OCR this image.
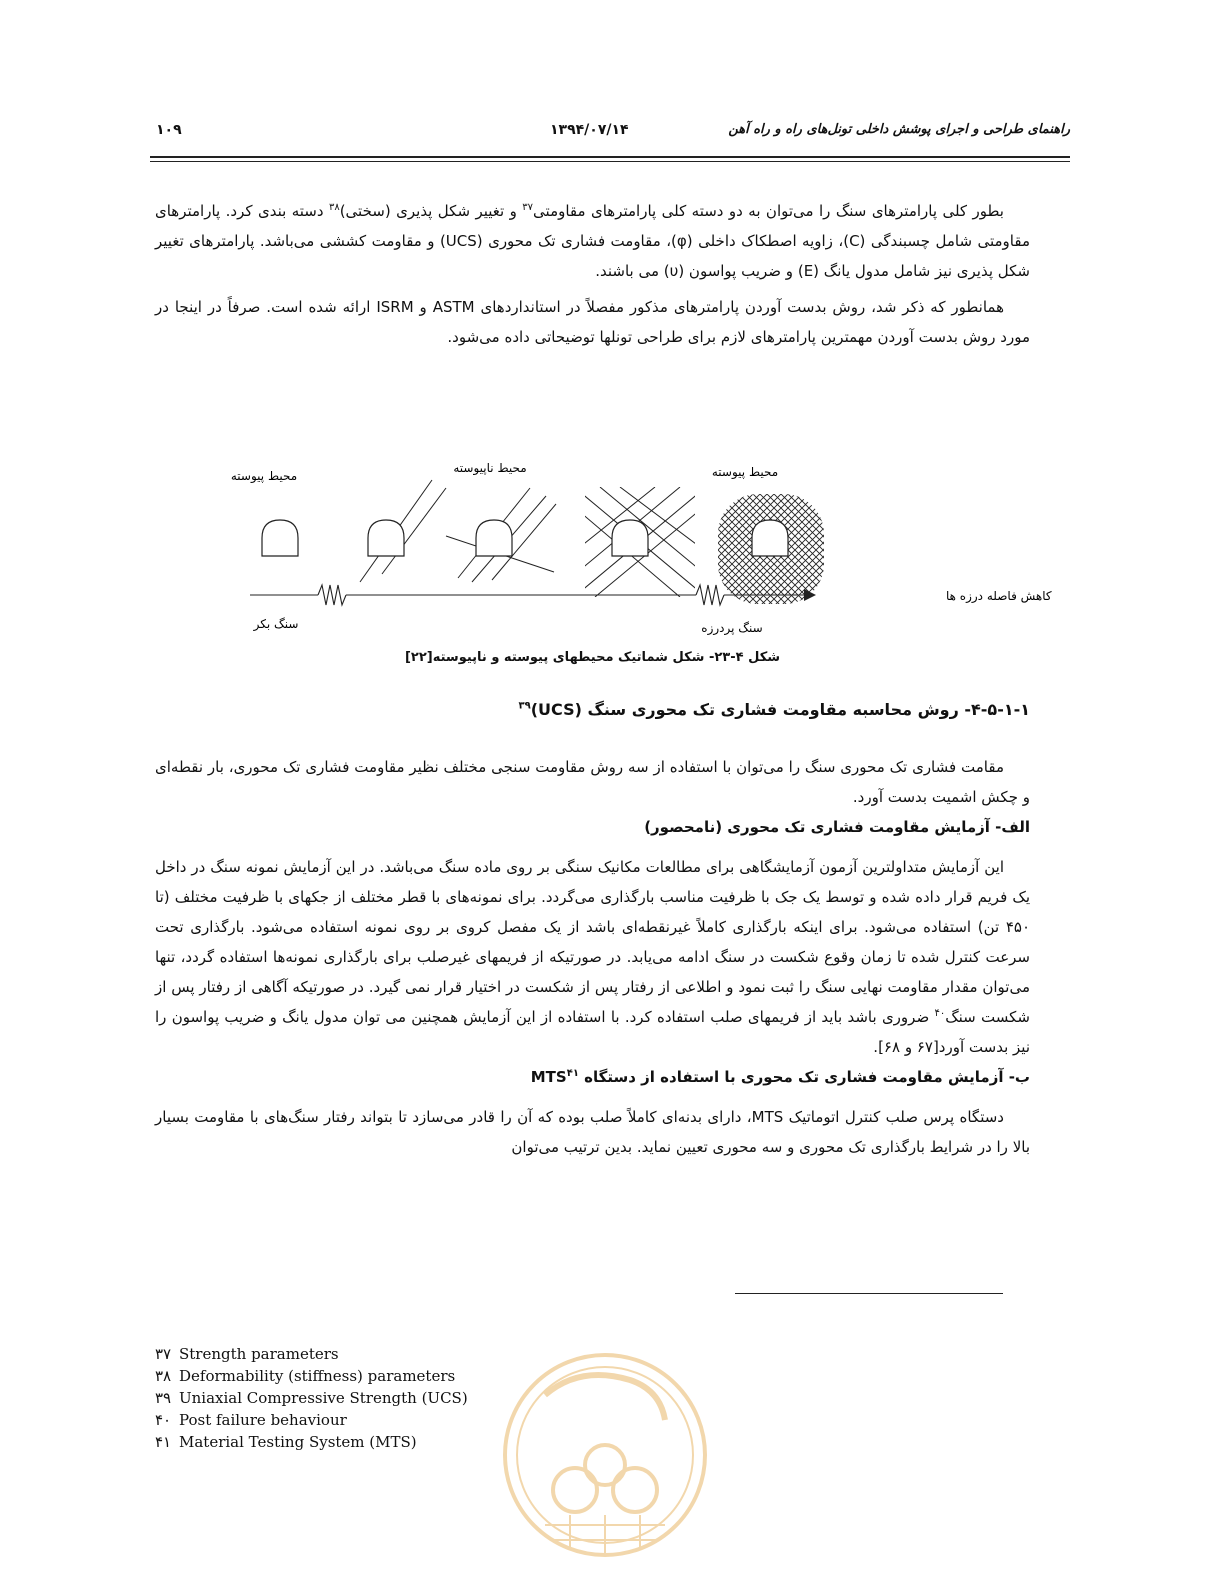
راهنمای طراحی و اجرای پوشش داخلی تونل‌های راه و راه آهن
۱۳۹۴/۰۷/۱۴
۱۰۹

بطور کلی پارامترهای سنگ را می‌توان به دو دسته کلی پارامترهای مقاومتی$^{۳۷}$ و تغییر شکل پذیری (سختی)$^{۳۸}$ دسته بندی کرد. پارامترهای مقاومتی شامل چسبندگی (C)، زاویه اصطکاک داخلی (φ)، مقاومت فشاری تک محوری (UCS) و مقاومت کششی می‌باشد. پارامترهای تغییر شکل پذیری نیز شامل مدول یانگ (E) و ضریب پواسون (υ) می باشند.

همانطور که ذکر شد، روش بدست آوردن پارامترهای مذکور مفصلاً در استانداردهای ASTM و ISRM ارائه شده است. صرفاً در اینجا در مورد روش بدست آوردن مهمترین پارامترهای لازم برای طراحی تونلها توضیحاتی داده می‌شود.

محیط پیوسته
محیط ناپیوسته	محیط پیوسته
کاهش فاصله درزه ها
سنگ بکر	سنگ پردرزه
شکل ۴-۲۳- شکل شماتیک محیطهای پیوسته و ناپیوسته[۲۲]
۴-۵-۱-۱- روش محاسبه مقاومت فشاری تک محوری سنگ (UCS)$^{۳۹}$

مقامت فشاری تک محوری سنگ را می‌توان با استفاده از سه روش مقاومت سنجی مختلف نظیر مقاومت فشاری تک محوری، بار نقطه‌ای و چکش اشمیت بدست آورد.

الف- آزمایش مقاومت فشاری تک محوری (نامحصور)

این آزمایش متداولترین آزمون آزمایشگاهی برای مطالعات مکانیک سنگی بر روی ماده سنگ می‌باشد. در این آزمایش نمونه سنگ در داخل یک فریم قرار داده شده و توسط یک جک با ظرفیت مناسب بارگذاری می‌گردد. برای نمونه‌های با قطر مختلف از جکهای با ظرفیت مختلف (تا ۴۵۰ تن) استفاده می‌شود. برای اینکه بارگذاری کاملاً غیرنقطه‌ای باشد از یک مفصل کروی بر روی نمونه استفاده می‌شود. بارگذاری تحت سرعت کنترل شده تا زمان وقوع شکست در سنگ ادامه می‌یابد. در صورتیکه از فریمهای غیرصلب برای بارگذاری نمونه‌ها استفاده گردد، تنها می‌توان مقدار مقاومت نهایی سنگ را ثبت نمود و اطلاعی از رفتار پس از شکست در اختیار قرار نمی گیرد. در صورتیکه آگاهی از رفتار پس از شکست سنگ$^{۴۰}$ ضروری باشد باید از فریمهای صلب استفاده کرد. با استفاده از این آزمایش همچنین می توان مدول یانگ و ضریب پواسون را نیز بدست آورد[۶۷ و ۶۸].

ب- آزمایش مقاومت فشاری تک محوری با استفاده از دستگاه MTS$^{۴۱}$

دستگاه پرس صلب کنترل اتوماتیک MTS، دارای بدنه‌ای کاملاً صلب بوده که آن را قادر می‌سازد تا بتواند رفتار سنگ‌های با مقاومت بسیار بالا را در شرایط بارگذاری تک محوری و سه محوری تعیین نماید. بدین ترتیب می‌توان

۳۷ Strength parameters
۳۸ Deformability (stiffness) parameters
۳۹ Uniaxial Compressive Strength (UCS)
۴۰ Post failure behaviour
۴۱ Material Testing System (MTS)
